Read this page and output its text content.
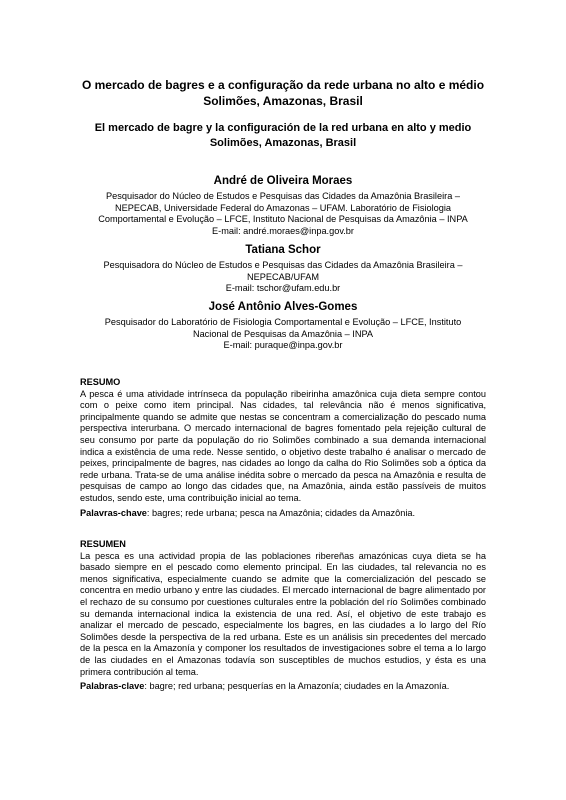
O mercado de bagres e a configuração da rede urbana no alto e médio Solimões, Amazonas, Brasil
El mercado de bagre y la configuración de la red urbana en alto y medio Solimões, Amazonas, Brasil
André de Oliveira Moraes
Pesquisador do Núcleo de Estudos e Pesquisas das Cidades da Amazônia Brasileira –
NEPECAB, Universidade Federal do Amazonas – UFAM. Laboratório de Fisiologia
Comportamental e Evolução – LFCE, Instituto Nacional de Pesquisas da Amazônia – INPA
E-mail: andré.moraes@inpa.gov.br
Tatiana Schor
Pesquisadora do Núcleo de Estudos e Pesquisas das Cidades da Amazônia Brasileira –
NEPECAB/UFAM
E-mail: tschor@ufam.edu.br
José Antônio Alves-Gomes
Pesquisador do Laboratório de Fisiologia Comportamental e Evolução – LFCE, Instituto
Nacional de Pesquisas da Amazônia – INPA
E-mail: puraque@inpa.gov.br
RESUMO

A pesca é uma atividade intrínseca da população ribeirinha amazônica cuja dieta sempre contou com o peixe como item principal. Nas cidades, tal relevância não é menos significativa, principalmente quando se admite que nestas se concentram a comercialização do pescado numa perspectiva interurbana. O mercado internacional de bagres fomentado pela rejeição cultural de seu consumo por parte da população do rio Solimões combinado a sua demanda internacional indica a existência de uma rede. Nesse sentido, o objetivo deste trabalho é analisar o mercado de peixes, principalmente de bagres, nas cidades ao longo da calha do Rio Solimões sob a óptica da rede urbana. Trata-se de uma análise inédita sobre o mercado da pesca na Amazônia e resulta de pesquisas de campo ao longo das cidades que, na Amazônia, ainda estão passíveis de muitos estudos, sendo este, uma contribuição inicial ao tema.

Palavras-chave: bagres; rede urbana; pesca na Amazônia; cidades da Amazônia.
RESUMEN

La pesca es una actividad propia de las poblaciones ribereñas amazónicas cuya dieta se ha basado siempre en el pescado como elemento principal. En las ciudades, tal relevancia no es menos significativa, especialmente cuando se admite que la comercialización del pescado se concentra en medio urbano y entre las ciudades. El mercado internacional de bagre alimentado por el rechazo de su consumo por cuestiones culturales entre la población del río Solimões combinado su demanda internacional indica la existencia de una red. Así, el objetivo de este trabajo es analizar el mercado de pescado, especialmente los bagres, en las ciudades a lo largo del Río Solimões desde la perspectiva de la red urbana. Este es un análisis sin precedentes del mercado de la pesca en la Amazonía y componer los resultados de investigaciones sobre el tema a lo largo de las ciudades en el Amazonas todavía son susceptibles de muchos estudios, y ésta es una primera contribución al tema.

Palabras-clave: bagre; red urbana; pesquerías en la Amazonía; ciudades en la Amazonía.
